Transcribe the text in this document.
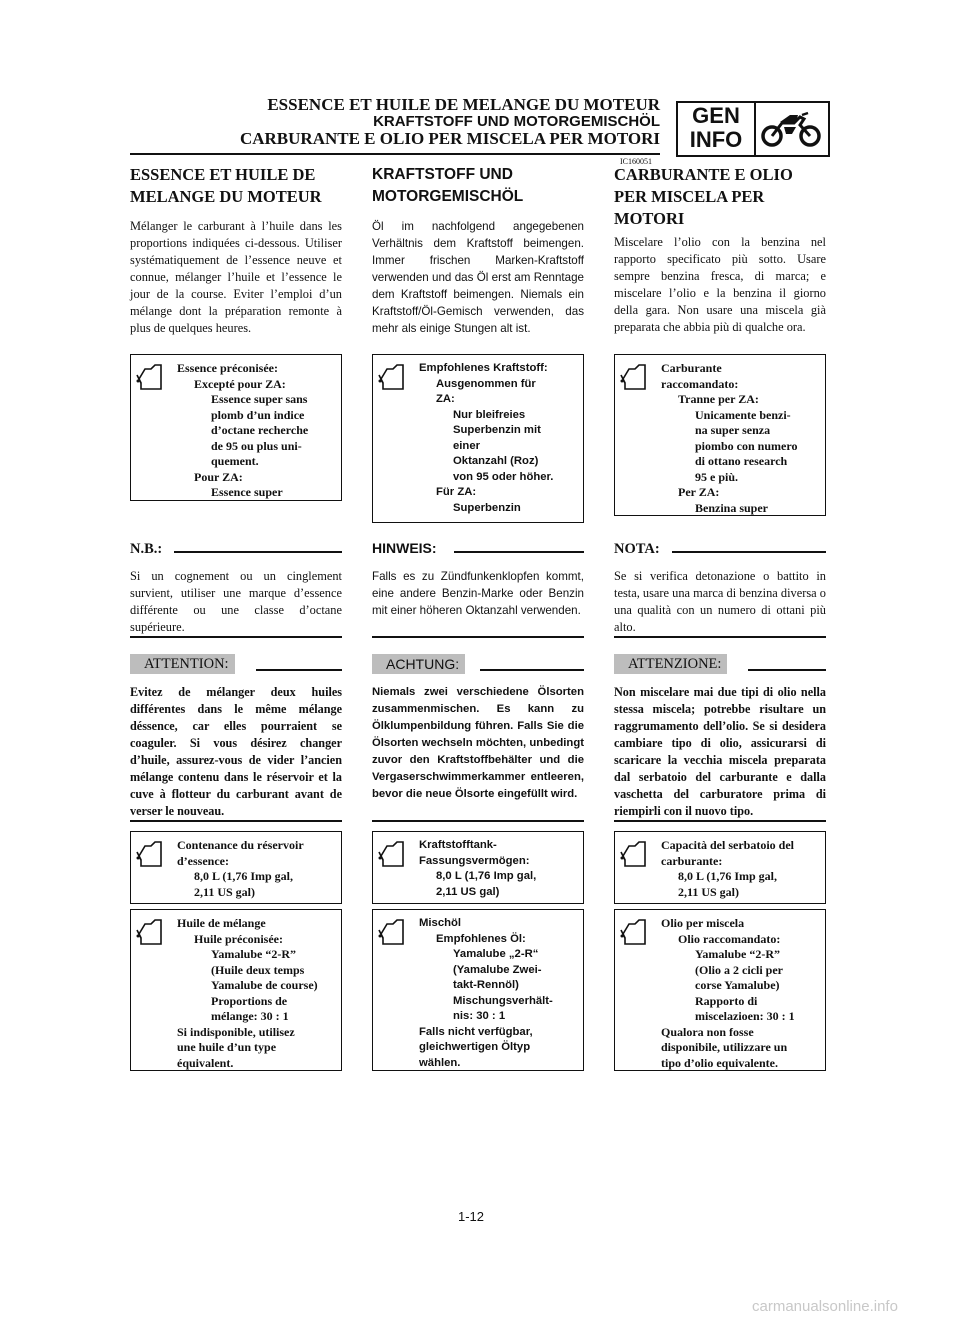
ESSENCE ET HUILE DE MELANGE DU MOTEUR
KRAFTSTOFF UND MOTORGEMISCHÖL
CARBURANTE E OLIO PER MISCELA PER MOTORI
GEN
INFO
IC160051
ESSENCE ET HUILE DE MELANGE DU MOTEUR

Mélanger le carburant à l’huile dans les proportions indiquées ci-dessous. Utiliser systématiquement de l’essence neuve et connue, mélanger l’huile et l’essence le jour de la course. Eviter l’emploi d’un mélange dont la préparation remonte à plus de quelques heures.

Essence préconisée:
Excepté pour ZA:
Essence super sans
plomb d’un indice
d’octane recherche
de 95 ou plus uni-
quement.
Pour ZA:
Essence super
N.B.:

Si un cognement ou un cinglement survient, utiliser une marque d’essence différente ou une classe d’octane supérieure.

ATTENTION:

Evitez de mélanger deux huiles différentes dans le même mélange déssence, car elles pourraient se coaguler. Si vous désirez changer d’huile, assurez-vous de vider l’ancien mélange contenu dans le réservoir et la cuve à flotteur du carburant avant de verser le nouveau.

Contenance du réservoir
d’essence:
8,0 L (1,76 Imp gal,
2,11 US gal)
Huile de mélange
Huile préconisée:
Yamalube “2-R”
(Huile deux temps
Yamalube de course)
Proportions de
mélange: 30 : 1
Si indisponible, utilisez
une huile d’un type
équivalent.
KRAFTSTOFF UND MOTORGEMISCHÖL

Öl im nachfolgend angegebenen Verhältnis dem Kraftstoff beimengen. Immer frischen Marken-Kraftstoff verwenden und das Öl erst am Renntage dem Kraftstoff beimengen. Niemals ein Kraftstoff/Öl-Gemisch verwenden, das mehr als einige Stungen alt ist.

Empfohlenes Kraftstoff:
Ausgenommen für
ZA:
Nur bleifreies
Superbenzin mit
einer
Oktanzahl (Roz)
von 95 oder höher.
Für ZA:
Superbenzin
HINWEIS:

Falls es zu Zündfunkenklopfen kommt, eine andere Benzin-Marke oder Benzin mit einer höheren Oktanzahl verwenden.

ACHTUNG:

Niemals zwei verschiedene Ölsorten zusammenmischen. Es kann zu Ölklumpenbildung führen. Falls Sie die Ölsorten wechseln möchten, unbedingt zuvor den Kraftstoffbehälter und die Vergaserschwimmerkammer entleeren, bevor die neue Ölsorte eingefüllt wird.

Kraftstofftank-
Fassungsvermögen:
8,0 L (1,76 Imp gal,
2,11 US gal)
Mischöl
Empfohlenes Öl:
Yamalube „2-R“
(Yamalube Zwei-
takt-Rennöl)
Mischungsverhält-
nis: 30 : 1
Falls nicht verfügbar,
gleichwertigen Öltyp
wählen.
CARBURANTE E OLIO PER MISCELA PER MOTORI

Miscelare l’olio con la benzina nel rapporto specificato più sotto. Usare sempre benzina fresca, di marca; e miscelare l’olio e la benzina il giorno della gara. Non usare una miscela già preparata che abbia più di qualche ora.

Carburante
raccomandato:
Tranne per ZA:
Unicamente benzi-
na super senza
piombo con numero
di ottano research
95 e più.
Per ZA:
Benzina super
NOTA:

Se si verifica detonazione o battito in testa, usare una marca di benzina diversa o una qualità con un numero di ottani più alto.

ATTENZIONE:

Non miscelare mai due tipi di olio nella stessa miscela; potrebbe risultare un raggrumamento dell’olio. Se si desidera cambiare tipo di olio, assicurarsi di scaricare la vecchia miscela preparata dal serbatoio del carburante e dalla vaschetta del carburatore prima di riempirli con il nuovo tipo.

Capacità del serbatoio del
carburante:
8,0 L (1,76 Imp gal,
2,11 US gal)
Olio per miscela
Olio raccomandato:
Yamalube “2-R”
(Olio a 2 cicli per
corse Yamalube)
Rapporto di
miscelazioen: 30 : 1
Qualora non fosse
disponibile, utilizzare un
tipo d’olio equivalente.
1-12
carmanualsonline.info
